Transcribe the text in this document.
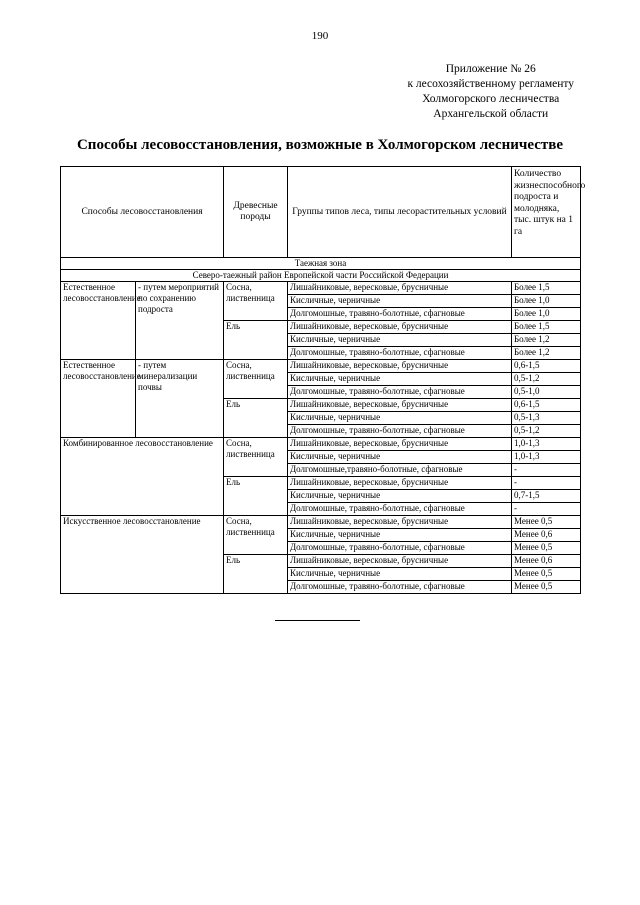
190
Приложение № 26
к лесохозяйственному регламенту
Холмогорского лесничества
Архангельской области
Способы лесовосстановления, возможные в Холмогорском лесничестве
Способы лесовосстановления		Древесные породы	Группы типов леса, типы лесорастительных условий	Количество жизнеспособного подроста и молодняка, тыс. штук на 1 га
Таежная зона				
Северо-таежный район Европейской части Российской Федерации				
Естественное лесовосстановление	- путем мероприятий по сохранению подроста	Сосна, лиственница	Лишайниковые, вересковые, брусничные	Более 1,5
			Кисличные, черничные	Более 1,0
			Долгомошные, травяно-болотные, сфагновые	Более 1,0
		Ель	Лишайниковые, вересковые, брусничные	Более 1,5
			Кисличные, черничные	Более 1,2
			Долгомошные, травяно-болотные, сфагновые	Более 1,2
Естественное лесовосстановление	- путем минерализации почвы	Сосна, лиственница	Лишайниковые, вересковые, брусничные	0,6-1,5
			Кисличные, черничные	0,5-1,2
			Долгомошные, травяно-болотные, сфагновые	0,5-1,0
		Ель	Лишайниковые, вересковые, брусничные	0,6-1,5
			Кисличные, черничные	0,5-1,3
			Долгомошные, травяно-болотные, сфагновые	0,5-1,2
Комбинированное лесовосстановление		Сосна, лиственница	Лишайниковые, вересковые, брусничные	1,0-1,3
			Кисличные, черничные	1,0-1,3
			Долгомошные,травяно-болотные, сфагновые	-
		Ель	Лишайниковые, вересковые, брусничные	-
			Кисличные, черничные	0,7-1,5
			Долгомошные, травяно-болотные, сфагновые	-
Искусственное лесовосстановление		Сосна, лиственница	Лишайниковые, вересковые, брусничные	Менее 0,5
			Кисличные, черничные	Менее 0,6
			Долгомошные, травяно-болотные, сфагновые	Менее 0,5
		Ель	Лишайниковые, вересковые, брусничные	Менее 0,6
			Кисличные, черничные	Менее 0,5
			Долгомошные, травяно-болотные, сфагновые	Менее 0,5
